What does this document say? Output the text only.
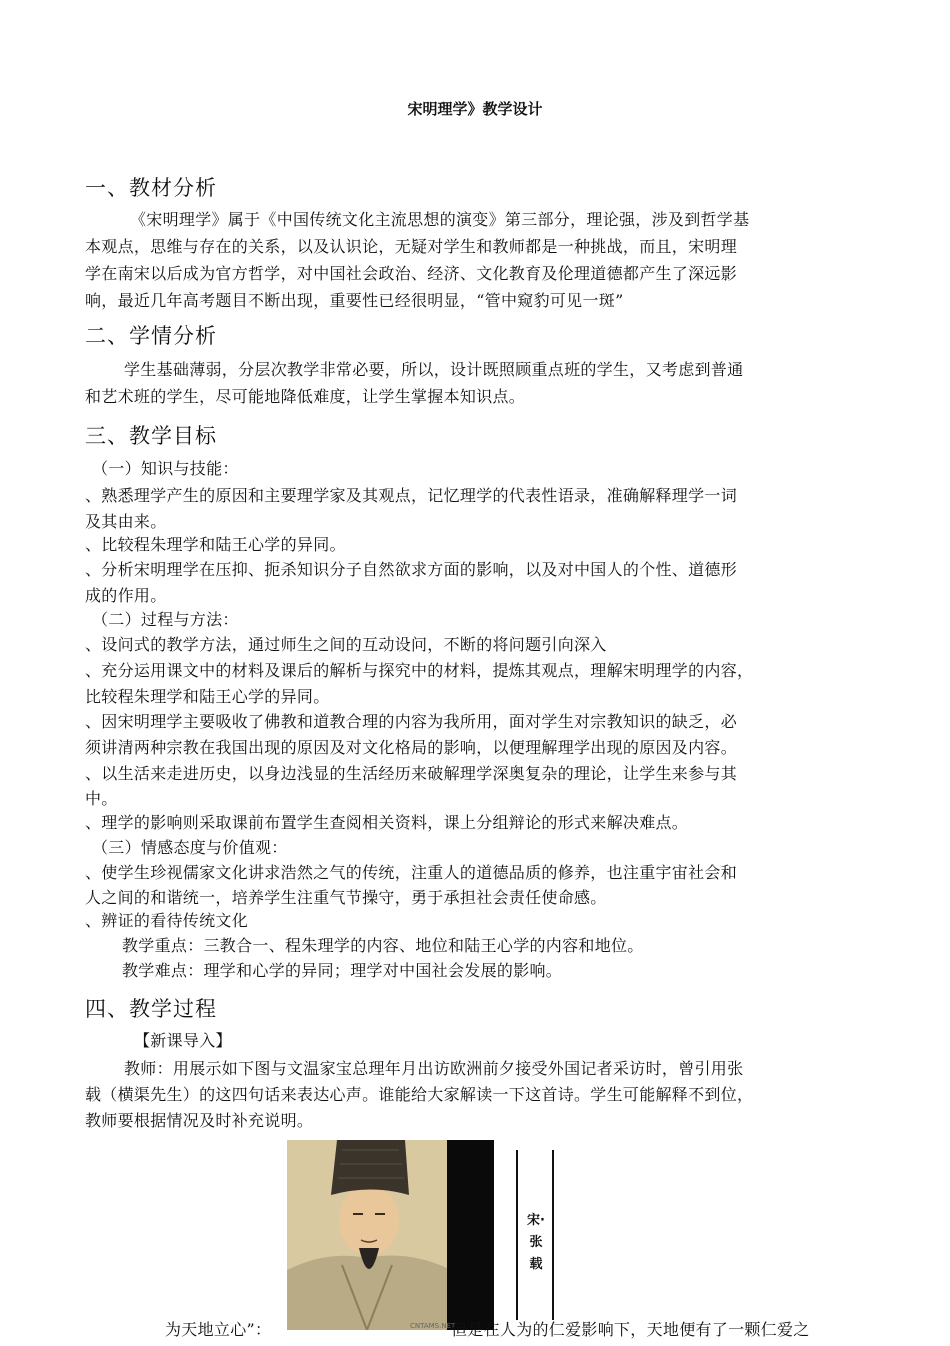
宋明理学》教学设计
一、教材分析
《宋明理学》属于《中国传统文化主流思想的演变》第三部分，理论强，涉及到哲学基
本观点，思维与存在的关系，以及认识论，无疑对学生和教师都是一种挑战，而且，宋明理
学在南宋以后成为官方哲学，对中国社会政治、经济、文化教育及伦理道德都产生了深远影
响，最近几年高考题目不断出现，重要性已经很明显，“管中窥豹可见一斑”
二、学情分析
学生基础薄弱，分层次教学非常必要，所以，设计既照顾重点班的学生，又考虑到普通
和艺术班的学生，尽可能地降低难度，让学生掌握本知识点。
三、教学目标
（一）知识与技能：
、熟悉理学产生的原因和主要理学家及其观点，记忆理学的代表性语录，准确解释理学一词
及其由来。
、比较程朱理学和陆王心学的异同。
、分析宋明理学在压抑、扼杀知识分子自然欲求方面的影响，以及对中国人的个性、道德形
成的作用。
（二）过程与方法：
、设问式的教学方法，通过师生之间的互动设问，不断的将问题引向深入
、充分运用课文中的材料及课后的解析与探究中的材料，提炼其观点，理解宋明理学的内容，
比较程朱理学和陆王心学的异同。
、因宋明理学主要吸收了佛教和道教合理的内容为我所用，面对学生对宗教知识的缺乏，必
须讲清两种宗教在我国出现的原因及对文化格局的影响，以便理解理学出现的原因及内容。
、以生活来走进历史，以身边浅显的生活经历来破解理学深奥复杂的理论，让学生来参与其
中。
、理学的影响则采取课前布置学生查阅相关资料，课上分组辩论的形式来解决难点。
（三）情感态度与价值观：
、使学生珍视儒家文化讲求浩然之气的传统，注重人的道德品质的修养，也注重宇宙社会和
人之间的和谐统一，培养学生注重气节操守，勇于承担社会责任使命感。
、辨证的看待传统文化
教学重点：三教合一、程朱理学的内容、地位和陆王心学的内容和地位。
教学难点：理学和心学的异同；理学对中国社会发展的影响。
四、教学过程
【新课导入】
教师：用展示如下图与文温家宝总理年月出访欧洲前夕接受外国记者采访时，曾引用张
载（横渠先生）的这四句话来表达心声。谁能给大家解读一下这首诗。学生可能解释不到位，
教师要根据情况及时补充说明。
宋·张载
CNTAMS.NET
为天地立心”：	但是在人为的仁爱影响下，天地便有了一颗仁爱之
